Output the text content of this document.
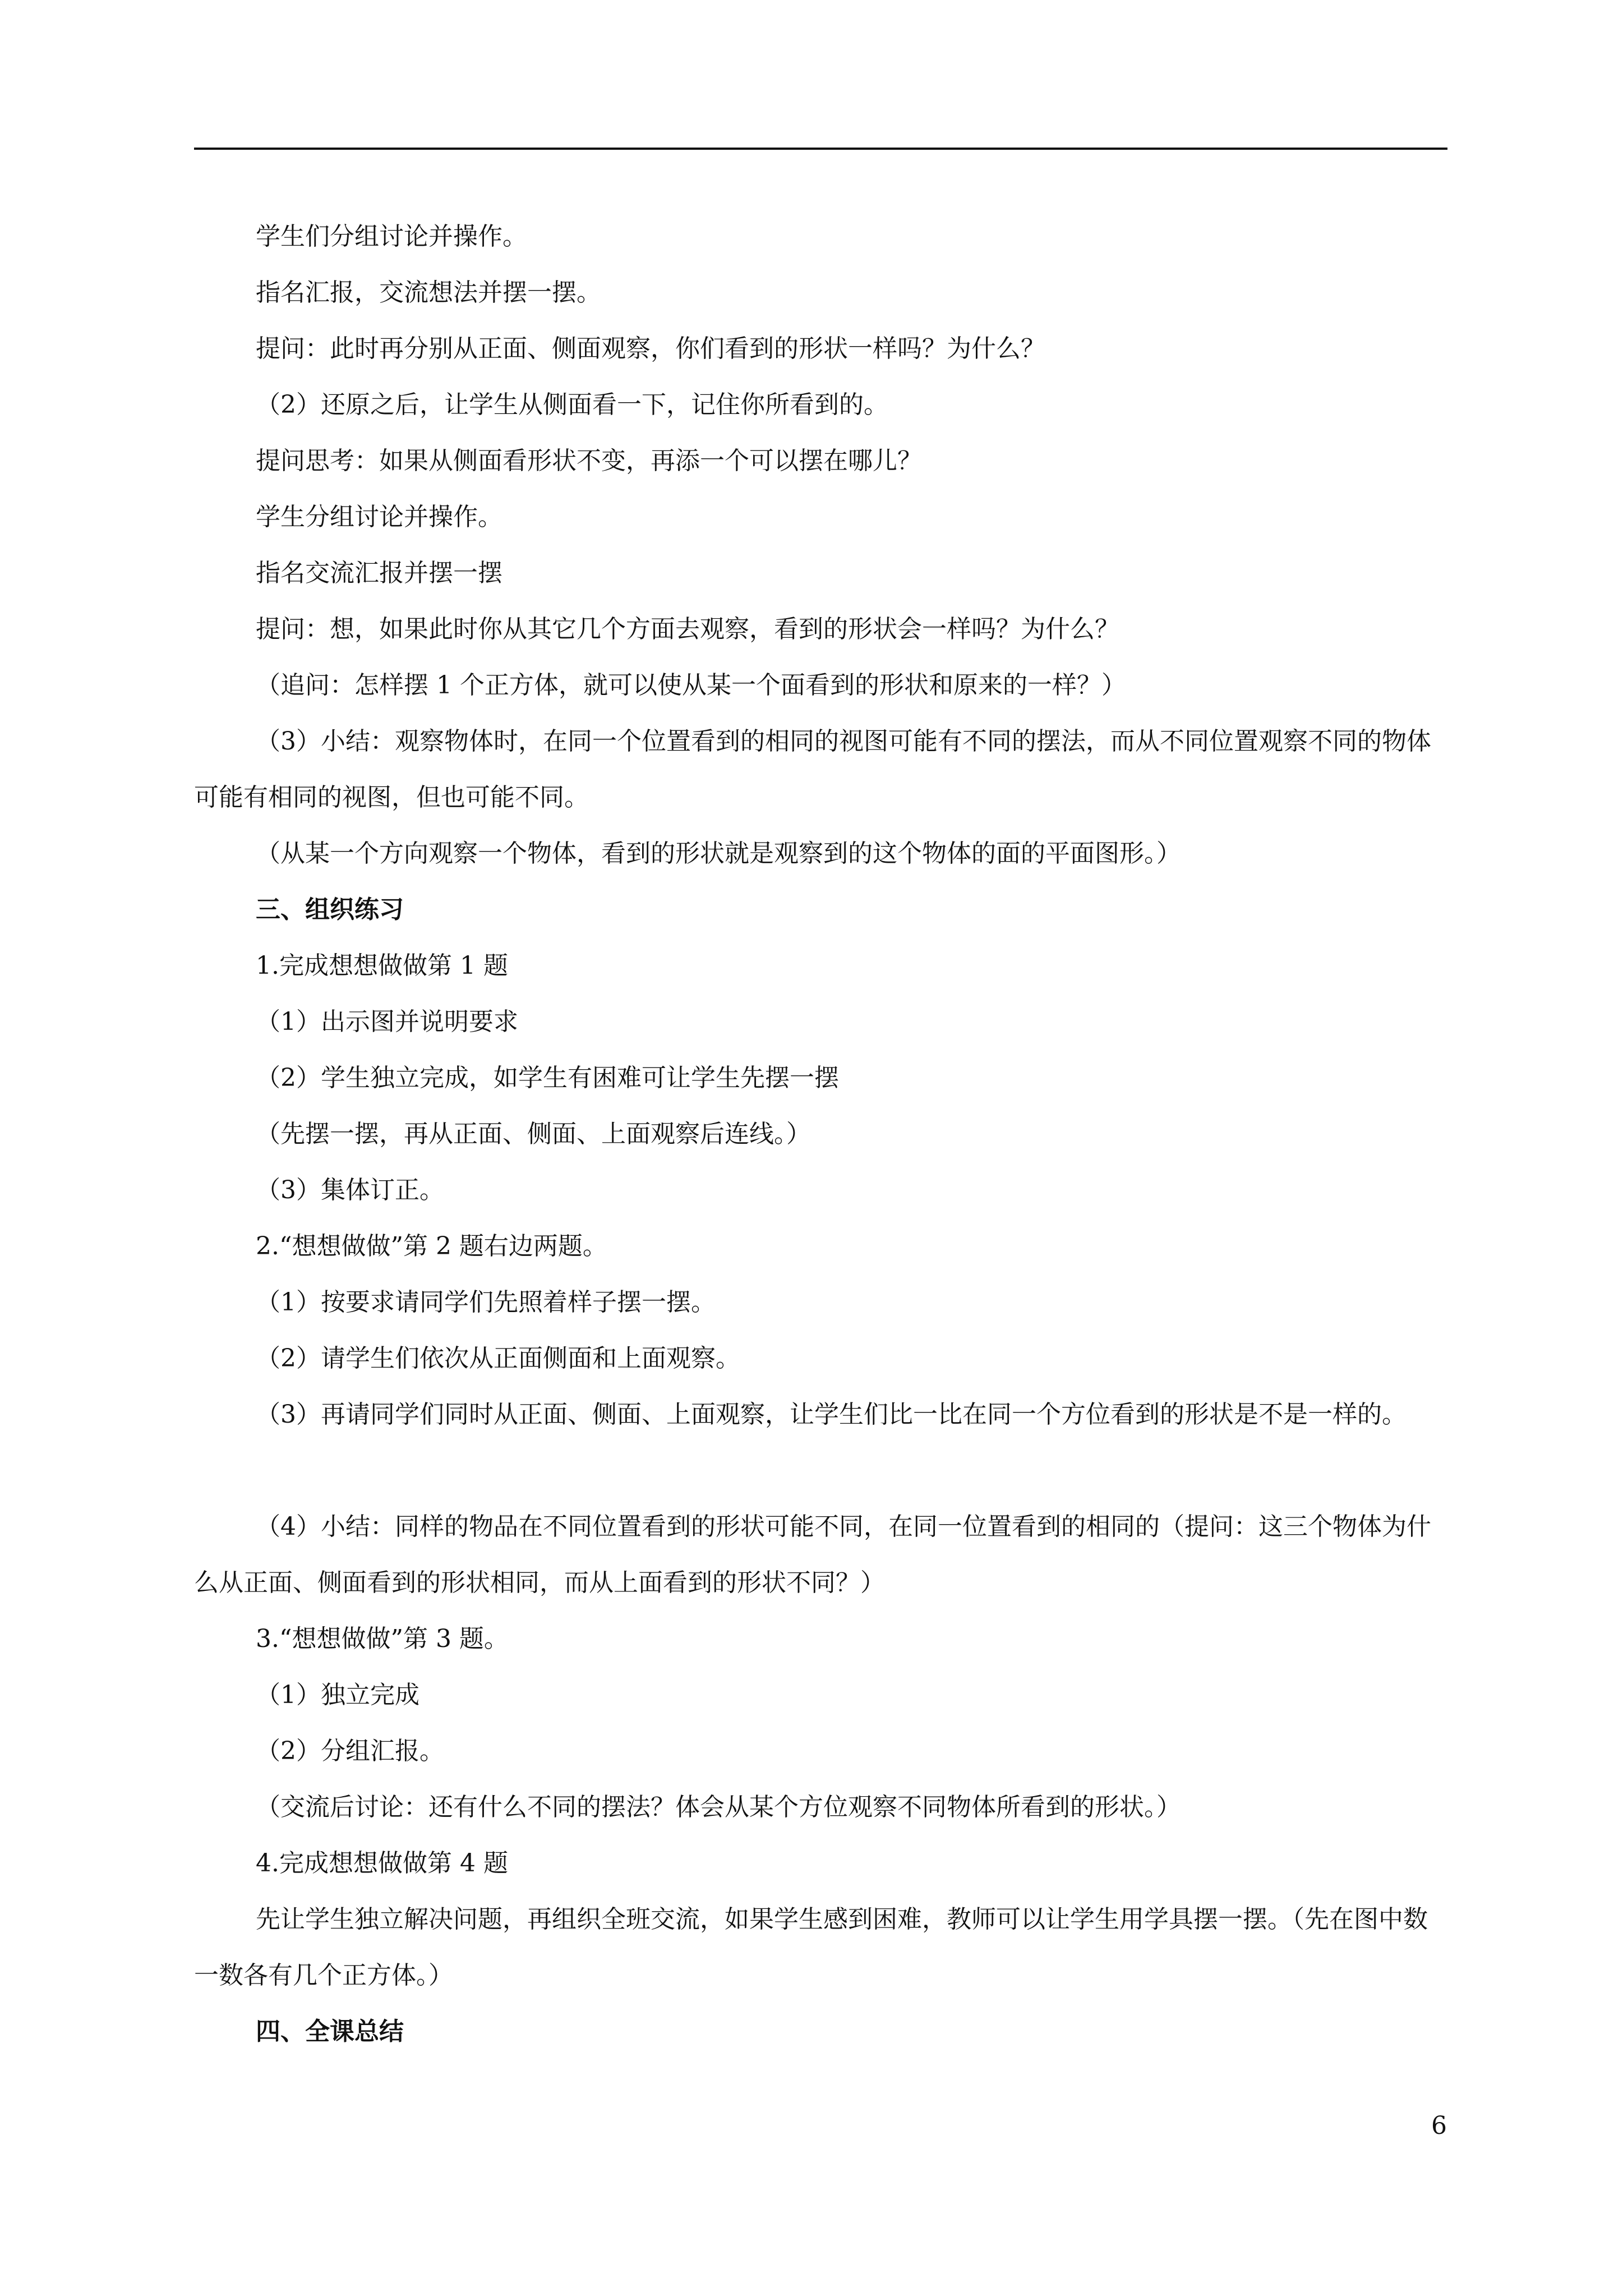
学生们分组讨论并操作。

指名汇报，交流想法并摆一摆。

提问：此时再分别从正面、侧面观察，你们看到的形状一样吗？为什么？

（2）还原之后，让学生从侧面看一下，记住你所看到的。

提问思考：如果从侧面看形状不变，再添一个可以摆在哪儿？

学生分组讨论并操作。

指名交流汇报并摆一摆

提问：想，如果此时你从其它几个方面去观察，看到的形状会一样吗？为什么？

（追问：怎样摆 1 个正方体，就可以使从某一个面看到的形状和原来的一样？）

（3）小结：观察物体时，在同一个位置看到的相同的视图可能有不同的摆法，而从不同位置观察不同的物体可能有相同的视图，但也可能不同。

（从某一个方向观察一个物体，看到的形状就是观察到的这个物体的面的平面图形。）

三、组织练习

1.完成想想做做第 1 题

（1）出示图并说明要求

（2）学生独立完成，如学生有困难可让学生先摆一摆

（先摆一摆，再从正面、侧面、上面观察后连线。）

（3）集体订正。

2.“想想做做”第 2 题右边两题。

（1）按要求请同学们先照着样子摆一摆。

（2）请学生们依次从正面侧面和上面观察。

（3）再请同学们同时从正面、侧面、上面观察，让学生们比一比在同一个方位看到的形状是不是一样的。

（4）小结：同样的物品在不同位置看到的形状可能不同，在同一位置看到的相同的（提问：这三个物体为什么从正面、侧面看到的形状相同，而从上面看到的形状不同？）

3.“想想做做”第 3 题。

（1）独立完成

（2）分组汇报。

（交流后讨论：还有什么不同的摆法？体会从某个方位观察不同物体所看到的形状。）

4.完成想想做做第 4 题

先让学生独立解决问题，再组织全班交流，如果学生感到困难，教师可以让学生用学具摆一摆。（先在图中数一数各有几个正方体。）

四、全课总结

6
